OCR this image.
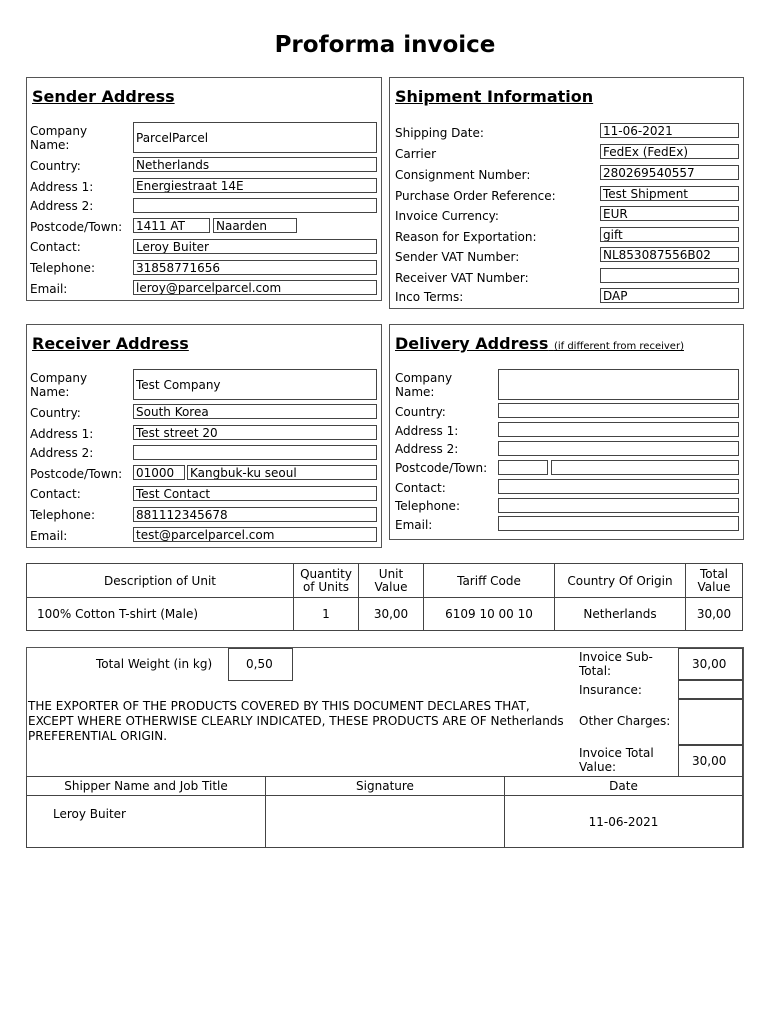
Proforma invoice
Sender Address
Company Name:	ParcelParcel
Country:	Netherlands
Address 1:	Energiestraat 14E
Address 2:
Postcode/Town: 1411 AT	Naarden
Contact:	Leroy Buiter
Telephone:	31858771656
Email:	leroy@parcelparcel.com
Shipment Information
Shipping Date:	11-06-2021
Carrier	FedEx (FedEx)
Consignment Number:	280269540557
Purchase Order Reference:	Test Shipment
Invoice Currency:	EUR
Reason for Exportation:	gift
Sender VAT Number:	NL853087556B02
Receiver VAT Number:
Inco Terms:	DAP
Receiver Address
Company Name:	Test Company
Country:	South Korea
Address 1:	Test street 20
Address 2:
Postcode/Town: 01000	Kangbuk-ku seoul
Contact:	Test Contact
Telephone:	881112345678
Email:	test@parcelparcel.com
Delivery Address (if different from receiver)
Company Name:
Country:
Address 1:
Address 2:
Postcode/Town:
Contact:
Telephone:
Email:
Description of Unit	Quantity of Units	Unit Value	Tariff Code	Country Of Origin	Total Value
100% Cotton T-shirt (Male)	1	30,00	6109 10 00 10	Netherlands	30,00
Total Weight (in kg)	0,50
THE EXPORTER OF THE PRODUCTS COVERED BY THIS DOCUMENT DECLARES THAT, EXCEPT WHERE OTHERWISE CLEARLY INDICATED, THESE PRODUCTS ARE OF Netherlands PREFERENTIAL ORIGIN.
Invoice Sub-Total:	30,00
Insurance:
Other Charges:
Invoice Total Value:	30,00
Shipper Name and Job Title	Signature	Date
Leroy Buiter		11-06-2021
